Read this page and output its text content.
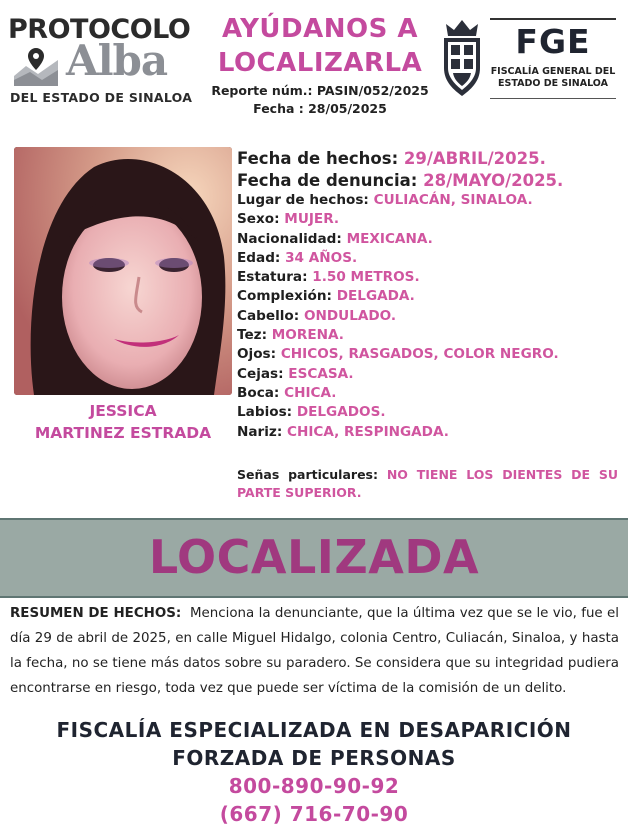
PROTOCOLO
Alba
DEL ESTADO DE SINALOA
AYÚDANOS A
LOCALIZARLA
Reporte núm.: PASIN/052/2025
Fecha : 28/05/2025
FGE
FISCALÍA GENERAL DEL
ESTADO DE SINALOA
JESSICA
MARTINEZ ESTRADA
Fecha de hechos: 29/ABRIL/2025.
Fecha de denuncia: 28/MAYO/2025.
Lugar de hechos: CULIACÁN, SINALOA.
Sexo: MUJER.
Nacionalidad: MEXICANA.
Edad: 34 AÑOS.
Estatura: 1.50 METROS.
Complexión: DELGADA.
Cabello: ONDULADO.
Tez: MORENA.
Ojos: CHICOS, RASGADOS, COLOR NEGRO.
Cejas: ESCASA.
Boca: CHICA.
Labios: DELGADOS.
Nariz: CHICA, RESPINGADA.
Señas particulares: NO TIENE LOS DIENTES DE SU PARTE SUPERIOR.
LOCALIZADA
RESUMEN DE HECHOS: Menciona la denunciante, que la última vez que se le vio, fue el día 29 de abril de 2025, en calle Miguel Hidalgo, colonia Centro, Culiacán, Sinaloa, y hasta la fecha, no se tiene más datos sobre su paradero. Se considera que su integridad pudiera encontrarse en riesgo, toda vez que puede ser víctima de la comisión de un delito.
FISCALÍA ESPECIALIZADA EN DESAPARICIÓN
FORZADA DE PERSONAS
800-890-90-92
(667) 716-70-90
